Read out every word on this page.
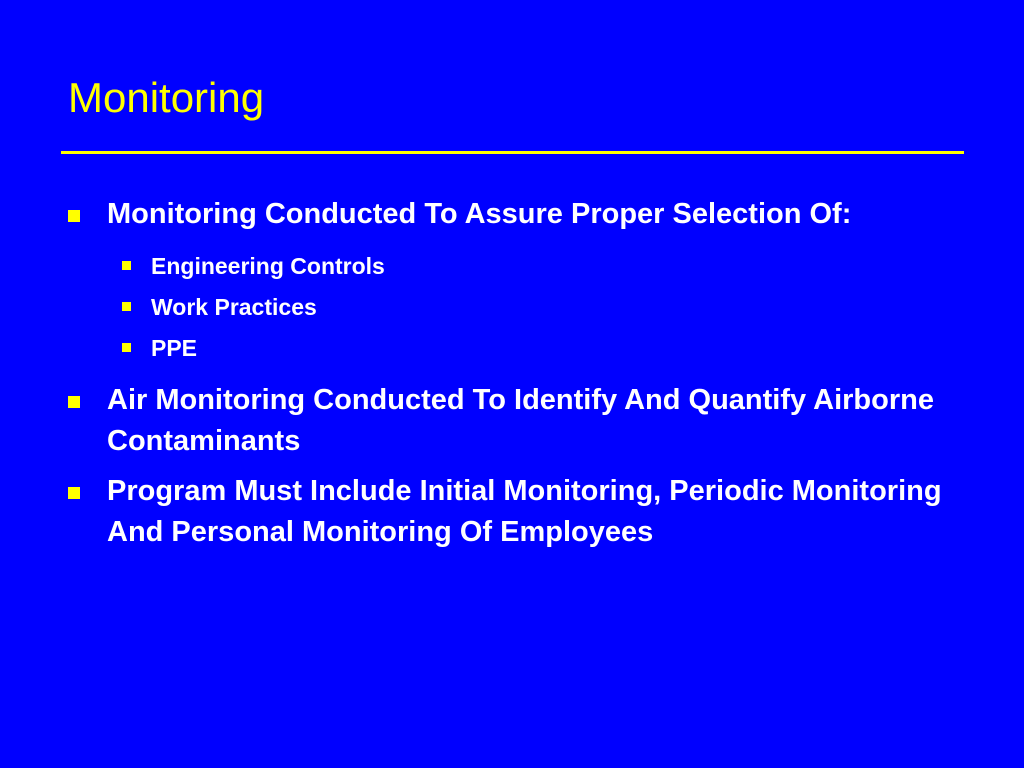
Monitoring
Monitoring Conducted To Assure Proper Selection Of:
Engineering Controls
Work Practices
PPE
Air Monitoring Conducted To Identify And Quantify Airborne Contaminants
Program Must Include Initial Monitoring, Periodic Monitoring And Personal Monitoring Of Employees
